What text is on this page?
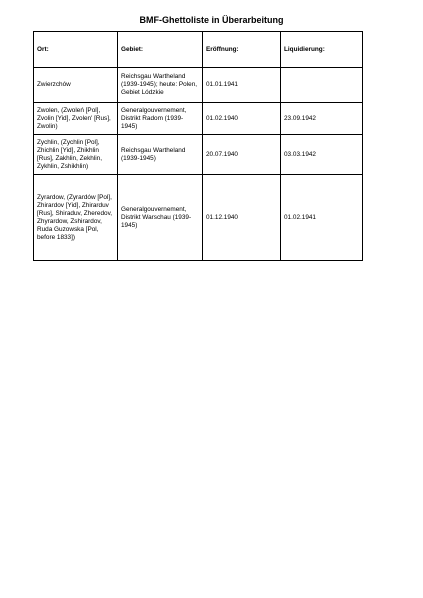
BMF-Ghettoliste in Überarbeitung
Ort:	Gebiet:	Eröffnung:	Liquidierung:

Zwierzchów	Reichsgau Wartheland (1939-1945); heute: Polen, Gebiet Lódzkie	01.01.1941	

Zwolen, (Zwoleń [Pol], Zvolin [Yid], Zvolen' [Rus], Zwolin)	Generalgouvernement, Distrikt Radom (1939-1945)	01.02.1940	23.09.1942

Zychlin, (Żychlin [Pol], Zhichlin [Yid], Zhikhlin [Rus], Zakhlin, Zekhlin, Zykhlin, Zshikhlin)	Reichsgau Wartheland (1939-1945)	20.07.1940	03.03.1942

Zyrardow, (Żyrardów [Pol], Zhirardov [Yid], Zhirarduv [Rus], Shiraduv, Zheredov, Zhyrardow, Zshirardov, Ruda Guzowska [Pol, before 1833])	Generalgouvernement, Distrikt Warschau (1939-1945)	01.12.1940	01.02.1941
